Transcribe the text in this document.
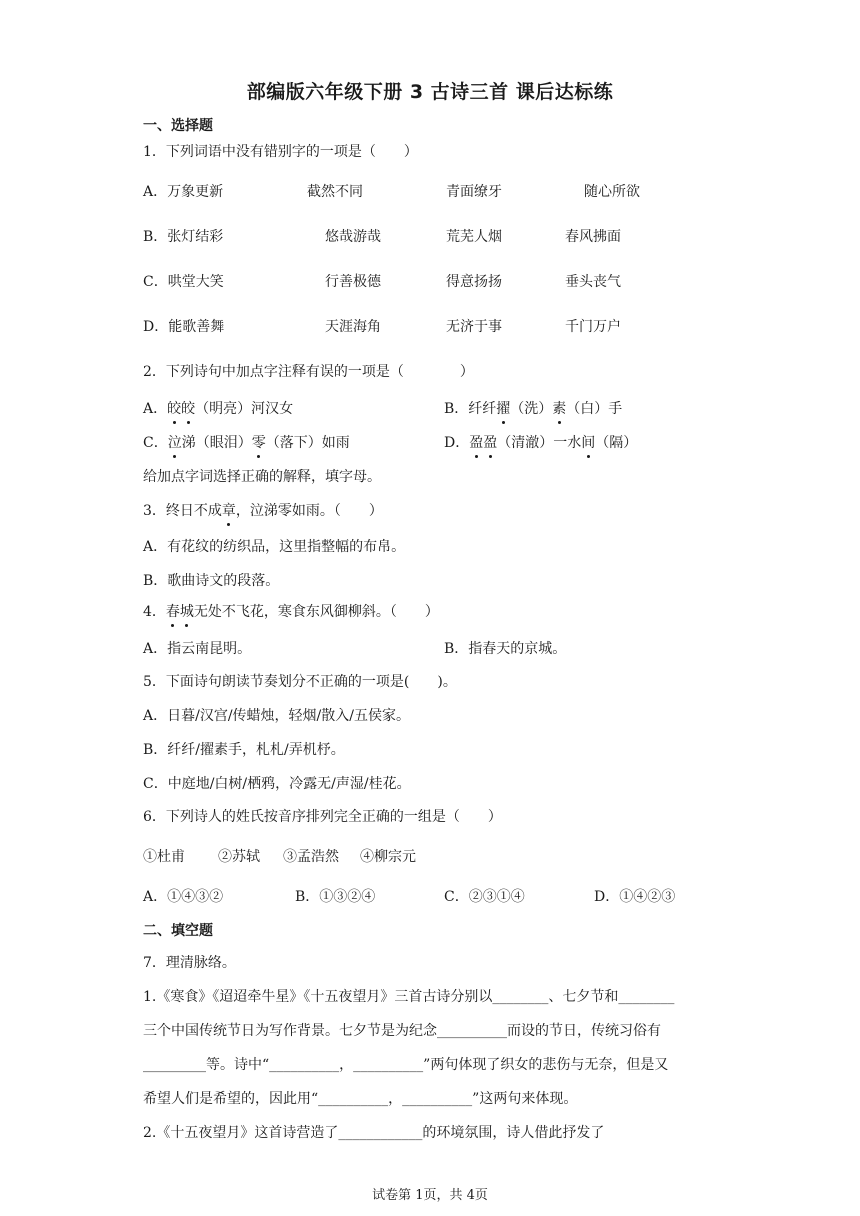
部编版六年级下册 3 古诗三首 课后达标练
一、选择题
1．下列词语中没有错别字的一项是（　　）
A．万象更新	截然不同	青面缭牙	随心所欲
B．张灯结彩	悠哉游哉	荒芜人烟	春风拂面
C．哄堂大笑	行善极德	得意扬扬	垂头丧气
D．能歌善舞	天涯海角	无济于事	千门万户
2．下列诗句中加点字注释有误的一项是（　　　　）
A．皎皎（明亮）河汉女	B．纤纤擢（洗）素（白）手
C．泣涕（眼泪）零（落下）如雨	D．盈盈（清澈）一水间（隔）
给加点字词选择正确的解释，填字母。
3．终日不成章，泣涕零如雨。（　　）
A．有花纹的纺织品，这里指整幅的布帛。
B．歌曲诗文的段落。
4．春城无处不飞花，寒食东风御柳斜。（　　）
A．指云南昆明。	B．指春天的京城。
5．下面诗句朗读节奏划分不正确的一项是(　　)。
A．日暮/汉宫/传蜡烛，轻烟/散入/五侯家。
B．纤纤/擢素手，札札/弄机杼。
C．中庭地/白树/栖鸦，冷露无/声湿/桂花。
6．下列诗人的姓氏按音序排列完全正确的一组是（　　）
①杜甫 ②苏轼 ③孟浩然 ④柳宗元
A．①④③②	B．①③②④	C．②③①④	D．①④②③
二、填空题
7．理清脉络。
1.《寒食》《迢迢牵牛星》《十五夜望月》三首古诗分别以________、七夕节和________
三个中国传统节日为写作背景。七夕节是为纪念__________而设的节日，传统习俗有
_________等。诗中“__________，__________”两句体现了织女的悲伤与无奈，但是又
希望人们是希望的，因此用“__________，__________”这两句来体现。
2.《十五夜望月》这首诗营造了____________的环境氛围，诗人借此抒发了
试卷第 1页，共 4页
